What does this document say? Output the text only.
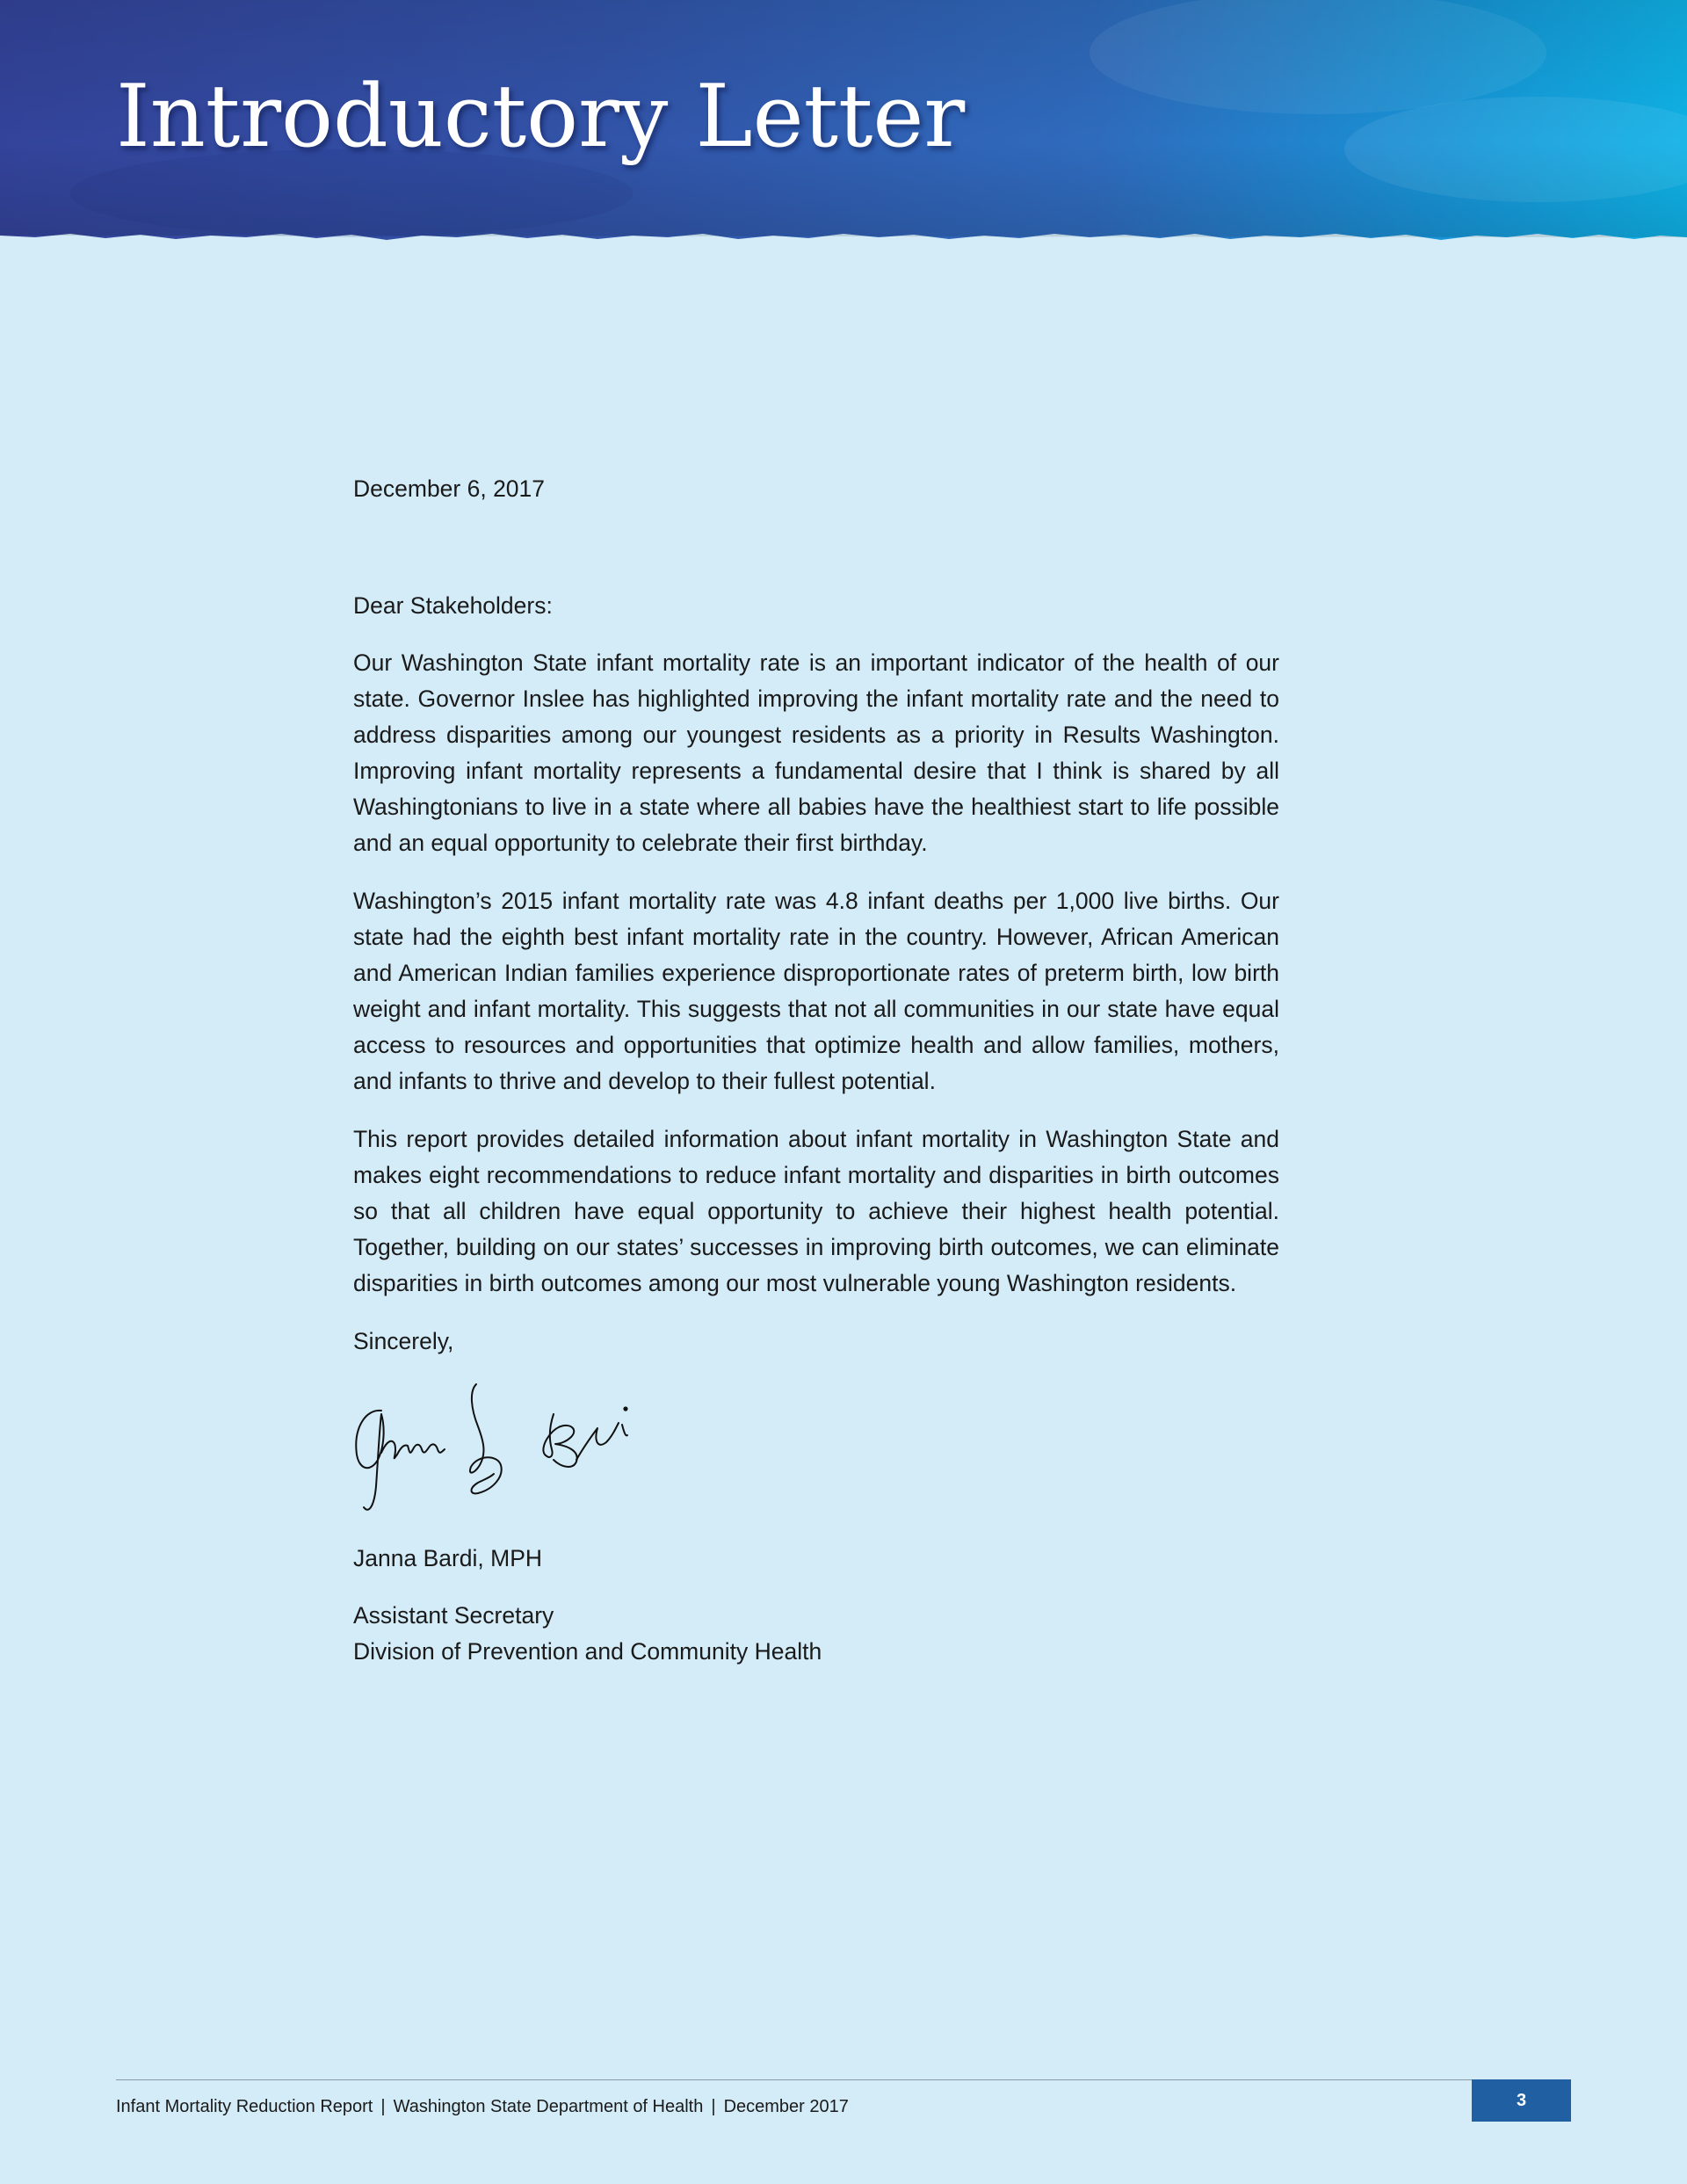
Introductory Letter

December 6, 2017

Dear Stakeholders:

Our Washington State infant mortality rate is an important indicator of the health of our state. Governor Inslee has highlighted improving the infant mortality rate and the need to address disparities among our youngest residents as a priority in Results Washington. Improving infant mortality represents a fundamental desire that I think is shared by all Washingtonians to live in a state where all babies have the healthiest start to life possible and an equal opportunity to celebrate their first birthday.

Washington’s 2015 infant mortality rate was 4.8 infant deaths per 1,000 live births. Our state had the eighth best infant mortality rate in the country. However, African American and American Indian families experience disproportionate rates of preterm birth, low birth weight and infant mortality. This suggests that not all communities in our state have equal access to resources and opportunities that optimize health and allow families, mothers, and infants to thrive and develop to their fullest potential.

This report provides detailed information about infant mortality in Washington State and makes eight recommendations to reduce infant mortality and disparities in birth outcomes so that all children have equal opportunity to achieve their highest health potential. Together, building on our states’ successes in improving birth outcomes, we can eliminate disparities in birth outcomes among our most vulnerable young Washington residents.

Sincerely,

Janna Bardi, MPH

Assistant Secretary

Division of Prevention and Community Health

Infant Mortality Reduction Report | Washington State Department of Health | December 2017	3
